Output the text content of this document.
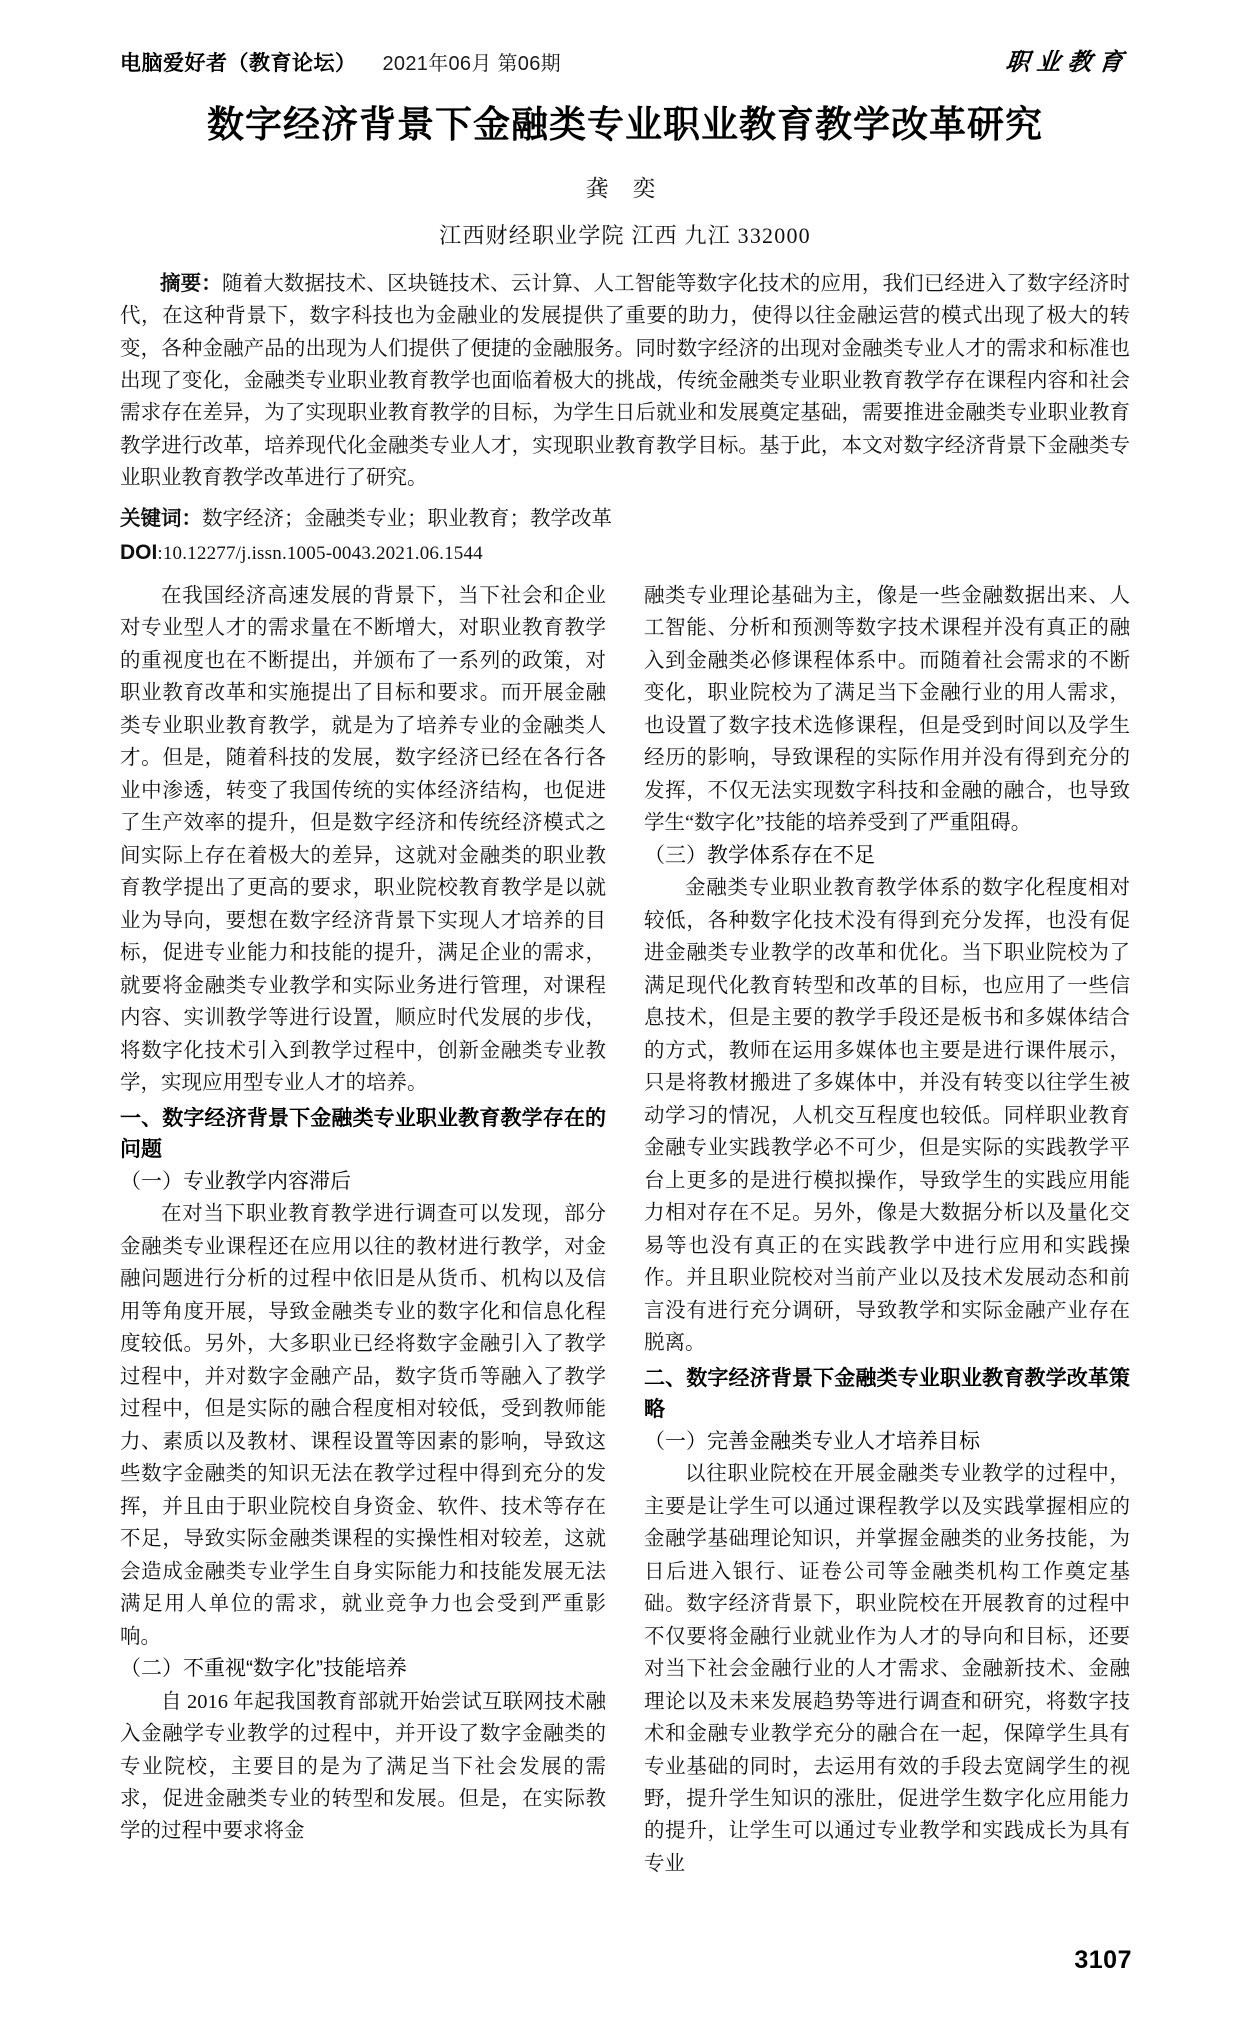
电脑爱好者（教育论坛） 2021年06月 第06期	职业教育
数字经济背景下金融类专业职业教育教学改革研究
龚 奕
江西财经职业学院 江西 九江 332000
摘要：随着大数据技术、区块链技术、云计算、人工智能等数字化技术的应用，我们已经进入了数字经济时代，在这种背景下，数字科技也为金融业的发展提供了重要的助力，使得以往金融运营的模式出现了极大的转变，各种金融产品的出现为人们提供了便捷的金融服务。同时数字经济的出现对金融类专业人才的需求和标准也出现了变化，金融类专业职业教育教学也面临着极大的挑战，传统金融类专业职业教育教学存在课程内容和社会需求存在差异，为了实现职业教育教学的目标，为学生日后就业和发展奠定基础，需要推进金融类专业职业教育教学进行改革，培养现代化金融类专业人才，实现职业教育教学目标。基于此，本文对数字经济背景下金融类专业职业教育教学改革进行了研究。
关键词：数字经济；金融类专业；职业教育；教学改革
DOI:10.12277/j.issn.1005-0043.2021.06.1544

在我国经济高速发展的背景下，当下社会和企业对专业型人才的需求量在不断增大，对职业教育教学的重视度也在不断提出，并颁布了一系列的政策，对职业教育改革和实施提出了目标和要求。而开展金融类专业职业教育教学，就是为了培养专业的金融类人才。但是，随着科技的发展，数字经济已经在各行各业中渗透，转变了我国传统的实体经济结构，也促进了生产效率的提升，但是数字经济和传统经济模式之间实际上存在着极大的差异，这就对金融类的职业教育教学提出了更高的要求，职业院校教育教学是以就业为导向，要想在数字经济背景下实现人才培养的目标，促进专业能力和技能的提升，满足企业的需求，就要将金融类专业教学和实际业务进行管理，对课程内容、实训教学等进行设置，顺应时代发展的步伐，将数字化技术引入到教学过程中，创新金融类专业教学，实现应用型专业人才的培养。

一、数字经济背景下金融类专业职业教育教学存在的问题
（一）专业教学内容滞后

在对当下职业教育教学进行调查可以发现，部分金融类专业课程还在应用以往的教材进行教学，对金融问题进行分析的过程中依旧是从货币、机构以及信用等角度开展，导致金融类专业的数字化和信息化程度较低。另外，大多职业已经将数字金融引入了教学过程中，并对数字金融产品，数字货币等融入了教学过程中，但是实际的融合程度相对较低，受到教师能力、素质以及教材、课程设置等因素的影响，导致这些数字金融类的知识无法在教学过程中得到充分的发挥，并且由于职业院校自身资金、软件、技术等存在不足，导致实际金融类课程的实操性相对较差，这就会造成金融类专业学生自身实际能力和技能发展无法满足用人单位的需求，就业竞争力也会受到严重影响。

（二）不重视“数字化”技能培养

自 2016 年起我国教育部就开始尝试互联网技术融入金融学专业教学的过程中，并开设了数字金融类的专业院校，主要目的是为了满足当下社会发展的需求，促进金融类专业的转型和发展。但是，在实际教学的过程中要求将金

融类专业理论基础为主，像是一些金融数据出来、人工智能、分析和预测等数字技术课程并没有真正的融入到金融类必修课程体系中。而随着社会需求的不断变化，职业院校为了满足当下金融行业的用人需求，也设置了数字技术选修课程，但是受到时间以及学生经历的影响，导致课程的实际作用并没有得到充分的发挥，不仅无法实现数字科技和金融的融合，也导致学生“数字化”技能的培养受到了严重阻碍。

（三）教学体系存在不足

金融类专业职业教育教学体系的数字化程度相对较低，各种数字化技术没有得到充分发挥，也没有促进金融类专业教学的改革和优化。当下职业院校为了满足现代化教育转型和改革的目标，也应用了一些信息技术，但是主要的教学手段还是板书和多媒体结合的方式，教师在运用多媒体也主要是进行课件展示，只是将教材搬进了多媒体中，并没有转变以往学生被动学习的情况，人机交互程度也较低。同样职业教育金融专业实践教学必不可少，但是实际的实践教学平台上更多的是进行模拟操作，导致学生的实践应用能力相对存在不足。另外，像是大数据分析以及量化交易等也没有真正的在实践教学中进行应用和实践操作。并且职业院校对当前产业以及技术发展动态和前言没有进行充分调研，导致教学和实际金融产业存在脱离。

二、数字经济背景下金融类专业职业教育教学改革策略
（一）完善金融类专业人才培养目标

以往职业院校在开展金融类专业教学的过程中，主要是让学生可以通过课程教学以及实践掌握相应的金融学基础理论知识，并掌握金融类的业务技能，为日后进入银行、证卷公司等金融类机构工作奠定基础。数字经济背景下，职业院校在开展教育的过程中不仅要将金融行业就业作为人才的导向和目标，还要对当下社会金融行业的人才需求、金融新技术、金融理论以及未来发展趋势等进行调查和研究，将数字技术和金融专业教学充分的融合在一起，保障学生具有专业基础的同时，去运用有效的手段去宽阔学生的视野，提升学生知识的涨肚，促进学生数字化应用能力的提升，让学生可以通过专业教学和实践成长为具有专业

3107
